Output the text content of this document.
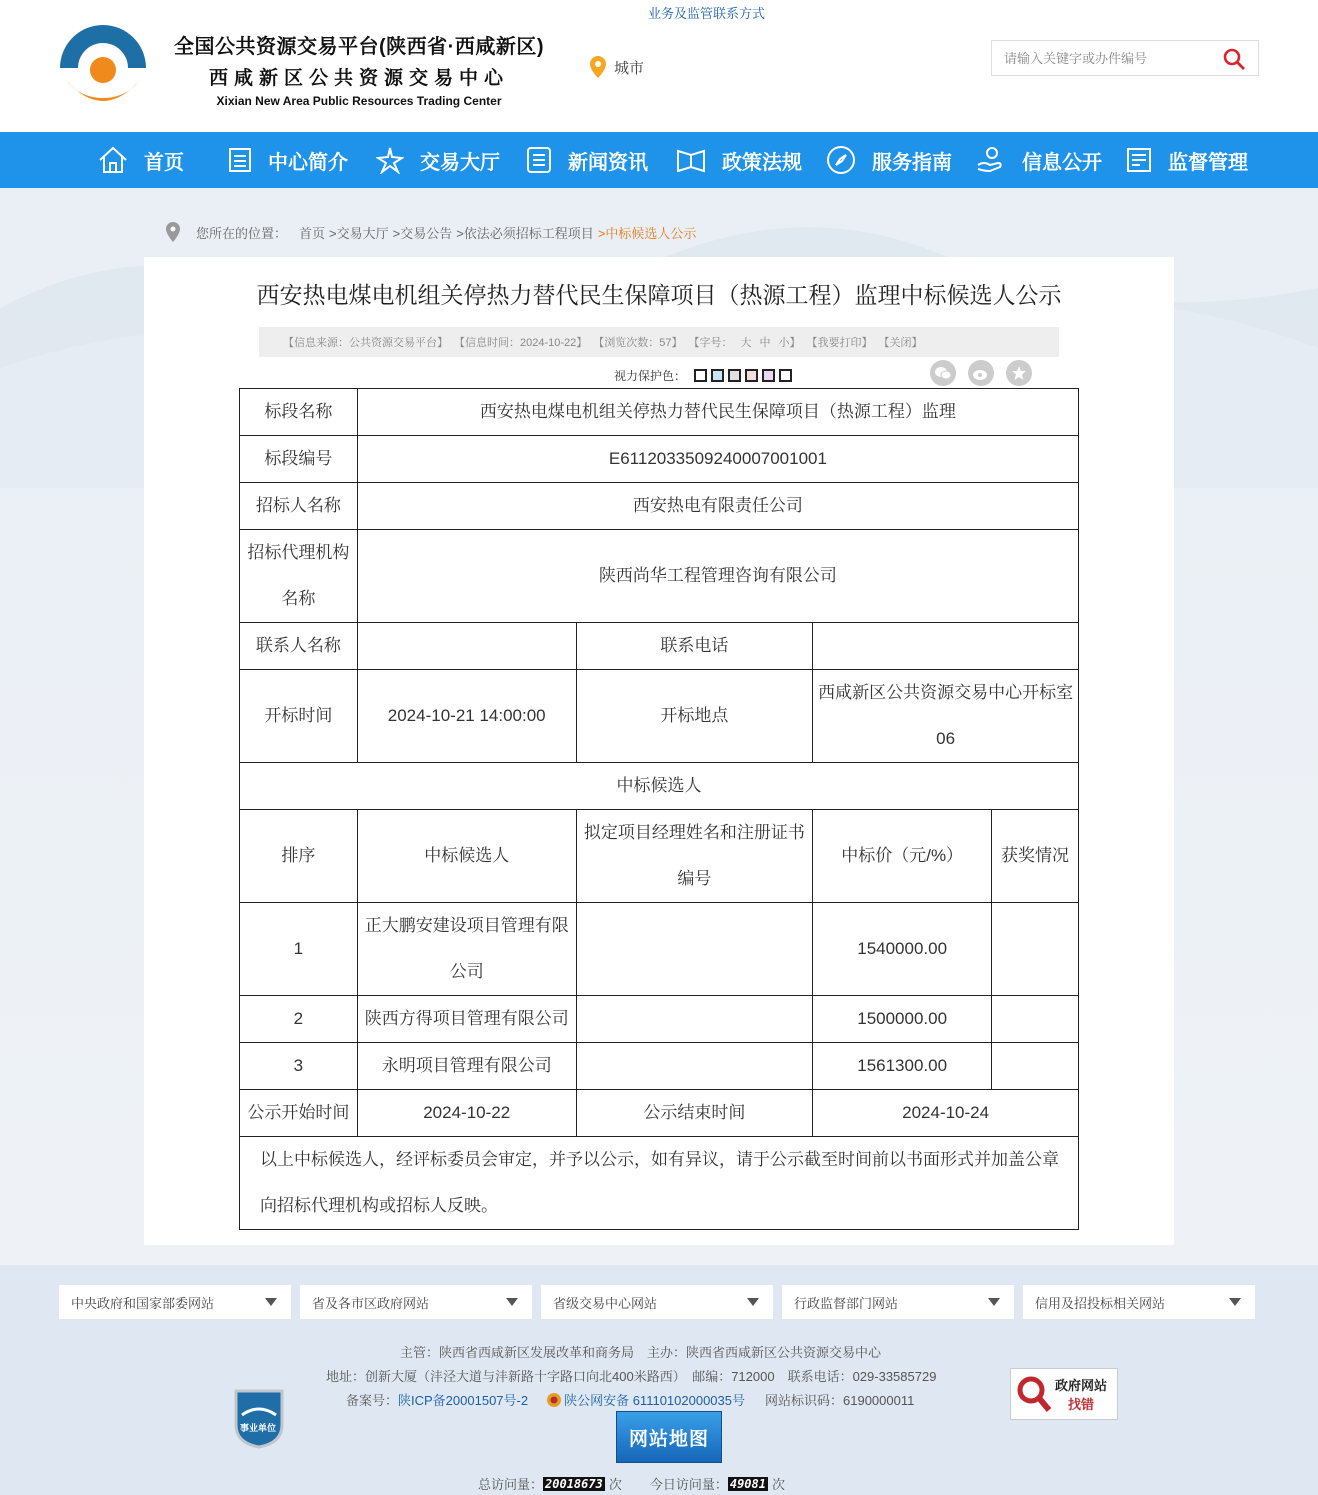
业务及监管联系方式
全国公共资源交易平台(陕西省·西咸新区)
西咸新区公共资源交易中心
Xixian New Area Public Resources Trading Center
城市
请输入关键字或办件编号
首页	中心简介	交易大厅	新闻资讯	政策法规	服务指南	信息公开	监督管理
您所在的位置： 首页 >交易大厅 >交易公告 >依法必须招标工程项目 >中标候选人公示
西安热电煤电机组关停热力替代民生保障项目（热源工程）监理中标候选人公示
【信息来源：公共资源交易平台】 【信息时间：2024-10-22】 【浏览次数：57】 【字号： 大 中 小】 【我要打印】 【关闭】
视力保护色：
标段名称	西安热电煤电机组关停热力替代民生保障项目（热源工程）监理			
标段编号	E6112033509240007001001			
招标人名称	西安热电有限责任公司			
招标代理机构名称	陕西尚华工程管理咨询有限公司			
联系人名称		联系电话		
开标时间	2024-10-21 14:00:00	开标地点	西咸新区公共资源交易中心开标室06	
中标候选人				
排序	中标候选人	拟定项目经理姓名和注册证书编号	中标价（元/%）	获奖情况
1	正大鹏安建设项目管理有限公司		1540000.00	
2	陕西方得项目管理有限公司		1500000.00	
3	永明项目管理有限公司		1561300.00	
公示开始时间	2024-10-22	公示结束时间	2024-10-24	
以上中标候选人，经评标委员会审定，并予以公示，如有异议，请于公示截至时间前以书面形式并加盖公章向招标代理机构或招标人反映。				
中央政府和国家部委网站	省及各市区政府网站	省级交易中心网站	行政监督部门网站	信用及招投标相关网站
主管：陕西省西咸新区发展改革和商务局　主办：陕西省西咸新区公共资源交易中心
地址：创新大厦（沣泾大道与沣新路十字路口向北400米路西）　邮编：712000　联系电话：029-33585729
备案号： 陕ICP备20001507号-2	陕公网安备 61110102000035号 网站标识码：6190000011
事业单位
政府网站
找错
网站地图
总访问量： 20018673 次 今日访问量： 49081 次
